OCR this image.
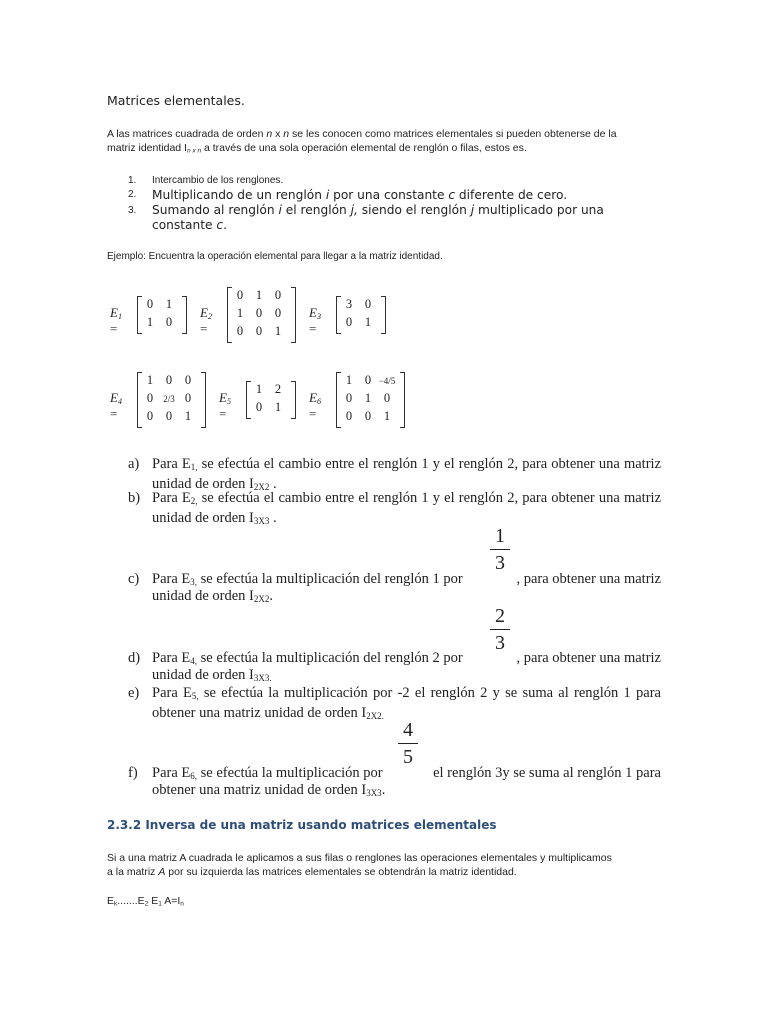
Matrices elementales.
A las matrices cuadrada de orden n x n se les conocen como matrices elementales si pueden obtenerse de la
matriz identidad $I_{n x n}$ a través de una sola operación elemental de renglón o filas, estos es.
1. Intercambio de los renglones.
2. Multiplicando de un renglón i por una constante c diferente de cero.
3. Sumando al renglón i el renglón j, siendo el renglón j multiplicado por una
constante c.
Ejemplo: Encuentra la operación elemental para llegar a la matriz identidad.
$E_1$ =
0	1
1	0
$E_2$ =
0	1	0
1	0	0
0	0	1
$E_3$ =
3	0
0	1
$E_4$ =
1	0	0
0	2/3 0
0	0	1
$E_5$ =
1	2
0	1
$E_6$ =
1	0 −4/5
0	1	0
0	0	1
a) Para $E_{1,}$ se efectúa el cambio entre el renglón 1 y el renglón 2, para obtener una matriz unidad de orden $I_{2X2}$ .
b) Para $E_{2,}$ se efectúa el cambio entre el renglón 1 y el renglón 2, para obtener una matriz unidad de orden $I_{3X3}$ .
1
3
c) Para $E_{3,}$ se efectúa la multiplicación del renglón 1 por	, para obtener una matriz
unidad de orden $I_{2X2}$.
2
3
d) Para $E_{4,}$ se efectúa la multiplicación del renglón 2 por	, para obtener una matriz
unidad de orden $I_{3X3.}$
e) Para $E_{5,}$ se efectúa la multiplicación por -2 el renglón 2 y se suma al renglón 1 para obtener una matriz unidad de orden $I_{2X2.}$
4
5
f) Para $E_{6,}$ se efectúa la multiplicación por	el renglón 3y se suma al renglón 1 para
obtener una matriz unidad de orden $I_{3X3}$.
2.3.2 Inversa de una matriz usando matrices elementales
Si a una matriz A cuadrada le aplicamos a sus filas o renglones las operaciones elementales y multiplicamos
a la matriz A por su izquierda las matrices elementales se obtendrán la matriz identidad.
$E_k.......E_2$ $E_1$ $A=I_n$
